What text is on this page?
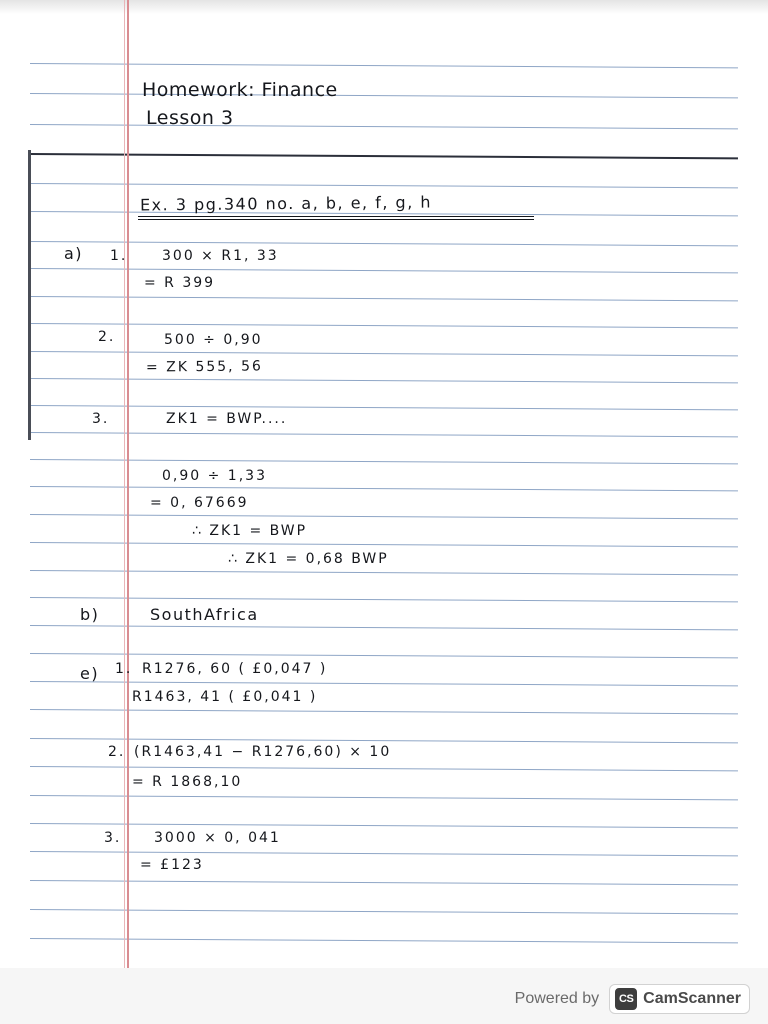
Homework: Finance
Lesson 3
Ex. 3 pg.340 no. a, b, e, f, g, h
a) 1. 300 × R1, 33
= R 399
2.	500 ÷ 0,90
= ZK 555, 56
3.	ZK1 = BWP....
0,90 ÷ 1,33
= 0, 67669
∴ ZK1 = BWP
∴ ZK1 = 0,68 BWP
b)	SouthAfrica
e) 1. R1276, 60 ( £0,047 )
R1463, 41 ( £0,041 )
2. (R1463,41 − R1276,60) × 10
= R 1868,10
3. 3000 × 0, 041
= £123
Powered by	CS CamScanner
